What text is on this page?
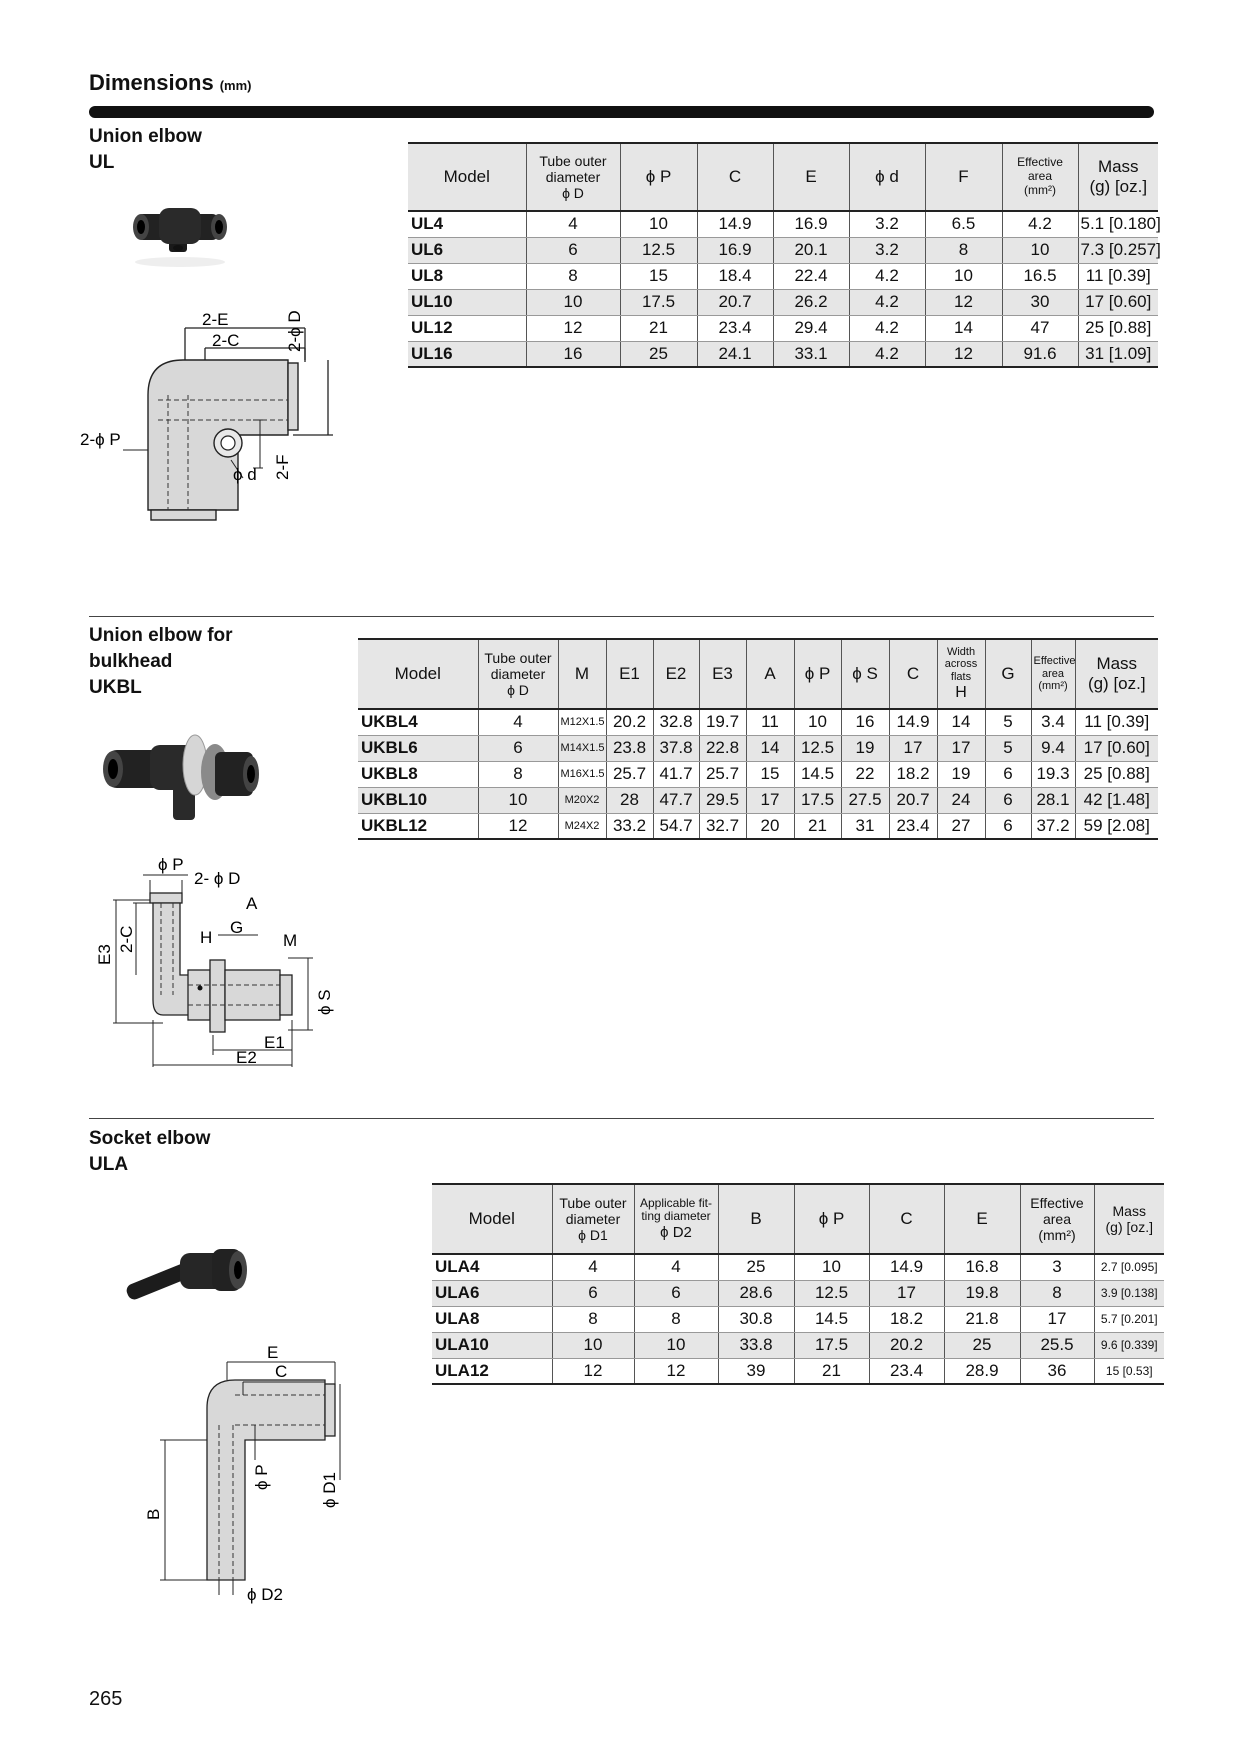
Dimensions (mm)
Union elbow
UL
2-E
2-C	2-ϕ D
2-ϕ P
ϕ d 2-F
Model	Tube outer
diameter
ϕ D	ϕ P	C	E	ϕ d	F	Effective
area
(mm²)	Mass
(g) [oz.]
UL4	4	10	14.9	16.9	3.2	6.5	4.2	5.1 [0.180]
UL6	6	12.5	16.9	20.1	3.2	8	10	7.3 [0.257]
UL8	8	15	18.4	22.4	4.2	10	16.5	11 [0.39]
UL10	10	17.5	20.7	26.2	4.2	12	30	17 [0.60]
UL12	12	21	23.4	29.4	4.2	14	47	25 [0.88]
UL16	16	25	24.1	33.1	4.2	12	91.6	31 [1.09]
Union elbow for
bulkhead
UKBL
ϕ P
2- ϕ D
A
E3
2-C	H
G
M
ϕ S
E1
E2
Model	Tube outer
diameter
ϕ D	M	E1	E2	E3	A	ϕ P	ϕ S	C	Width
across
flats
H	G	Effective
area
(mm²)	Mass
(g) [oz.]
UKBL4	4	M12X1.5	20.2	32.8	19.7	11	10	16	14.9	14	5	3.4	11 [0.39]
UKBL6	6	M14X1.5	23.8	37.8	22.8	14	12.5	19	17	17	5	9.4	17 [0.60]
UKBL8	8	M16X1.5	25.7	41.7	25.7	15	14.5	22	18.2	19	6	19.3	25 [0.88]
UKBL10	10	M20X2	28	47.7	29.5	17	17.5	27.5	20.7	24	6	28.1	42 [1.48]
UKBL12	12	M24X2	33.2	54.7	32.7	20	21	31	23.4	27	6	37.2	59 [2.08]
Socket elbow
ULA
E
C
B
ϕ P	ϕ D1
ϕ D2
Model	Tube outer
diameter
ϕ D1	Applicable fit-
ting diameter
ϕ D2	B	ϕ P	C	E	Effective
area
(mm²)	Mass
(g) [oz.]
ULA4	4	4	25	10	14.9	16.8	3	2.7 [0.095]
ULA6	6	6	28.6	12.5	17	19.8	8	3.9 [0.138]
ULA8	8	8	30.8	14.5	18.2	21.8	17	5.7 [0.201]
ULA10	10	10	33.8	17.5	20.2	25	25.5	9.6 [0.339]
ULA12	12	12	39	21	23.4	28.9	36	15 [0.53]
265
